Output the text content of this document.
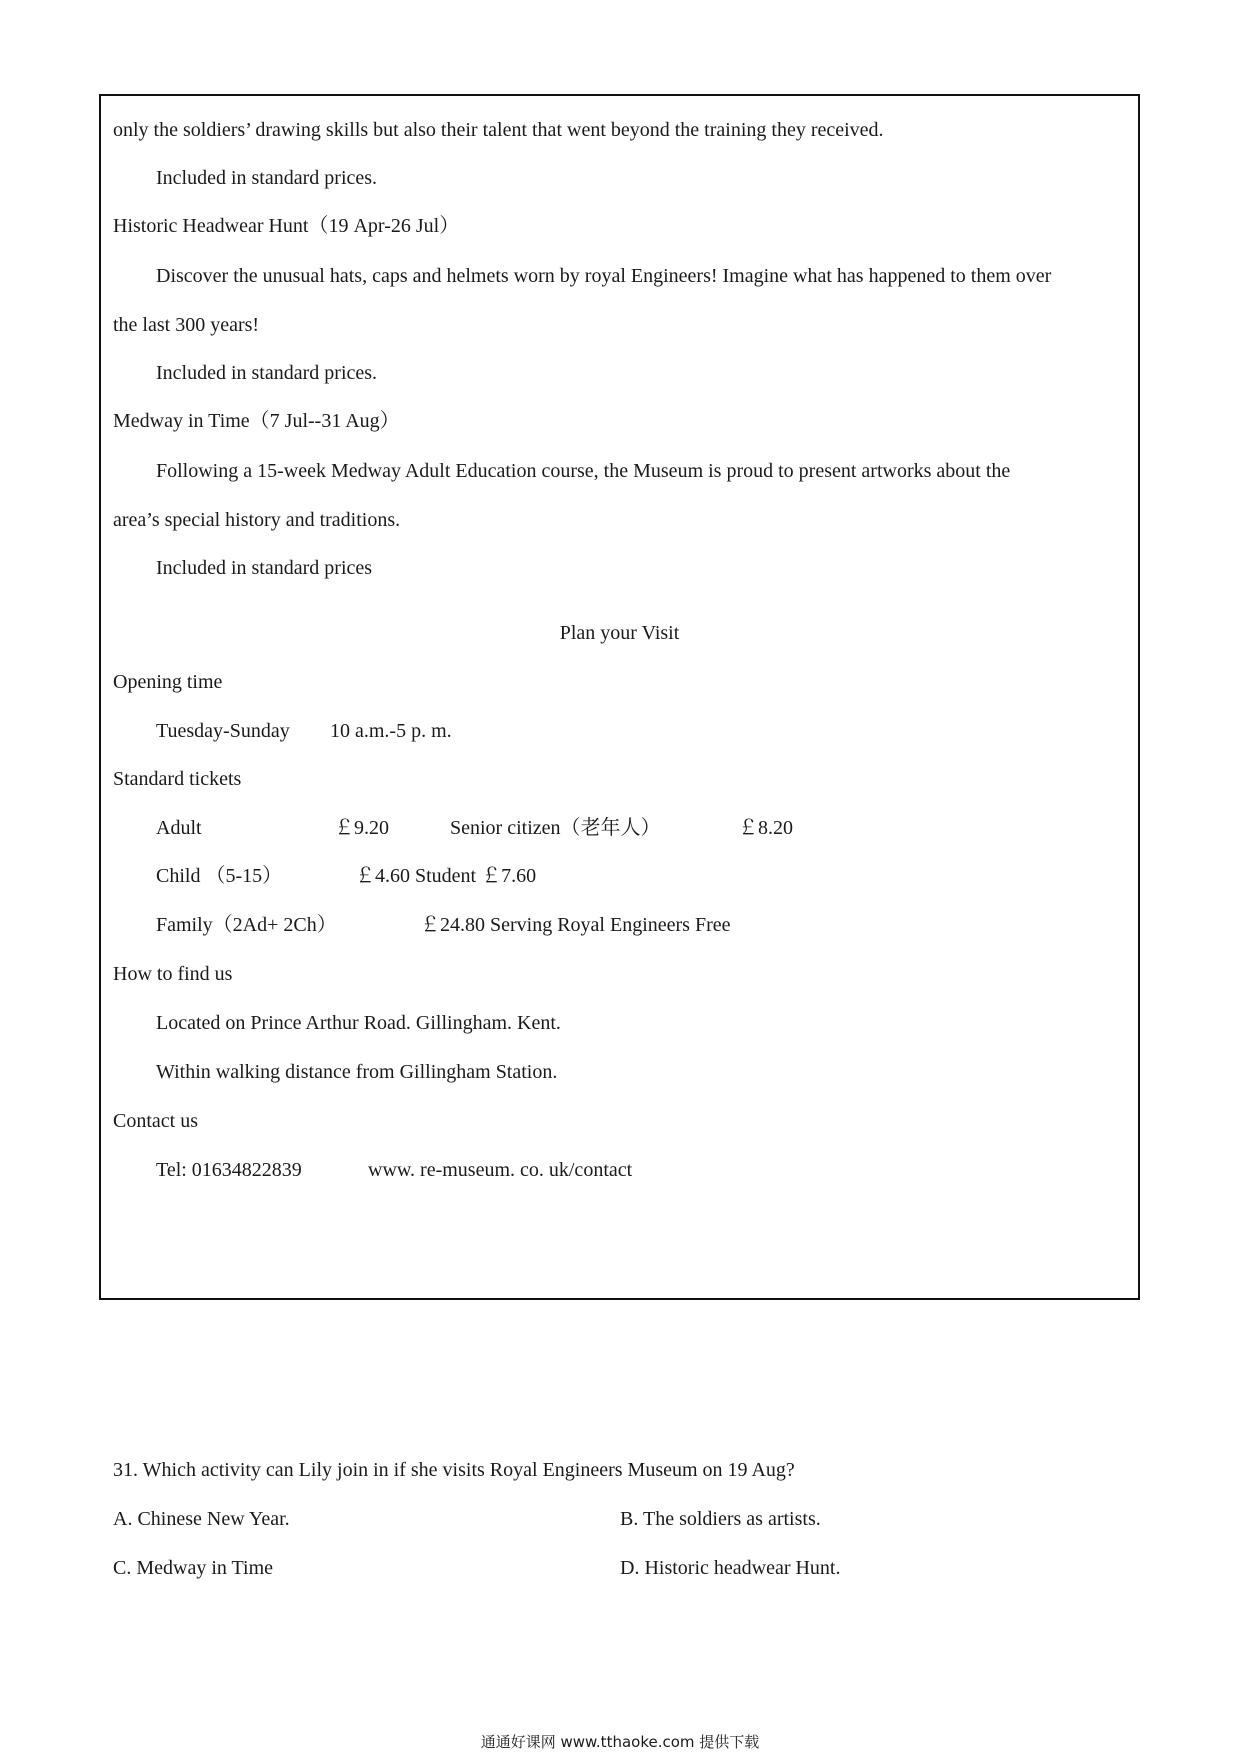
only the soldiers’ drawing skills but also their talent that went beyond the training they received.
Included in standard prices.
Historic Headwear Hunt（19 Apr-26 Jul）
Discover the unusual hats, caps and helmets worn by royal Engineers! Imagine what has happened to them over
the last 300 years!
Included in standard prices.
Medway in Time（7 Jul--31 Aug）
Following a 15-week Medway Adult Education course, the Museum is proud to present artworks about the
area’s special history and traditions.
Included in standard prices
Plan your Visit
Opening time
Tuesday-Sunday 10 a.m.-5 p. m.
Standard tickets
Adult	￡9.20	Senior citizen（老年人）	￡8.20
Child （5-15）	￡4.60 Student ￡7.60
Family（2Ad+ 2Ch）	￡24.80 Serving Royal Engineers Free
How to find us
Located on Prince Arthur Road. Gillingham. Kent.
Within walking distance from Gillingham Station.
Contact us
Tel: 01634822839	www. re-museum. co. uk/contact
31. Which activity can Lily join in if she visits Royal Engineers Museum on 19 Aug?
A. Chinese New Year.	B. The soldiers as artists.
C. Medway in Time	D. Historic headwear Hunt.
通通好课网 www.tthaoke.com 提供下载
